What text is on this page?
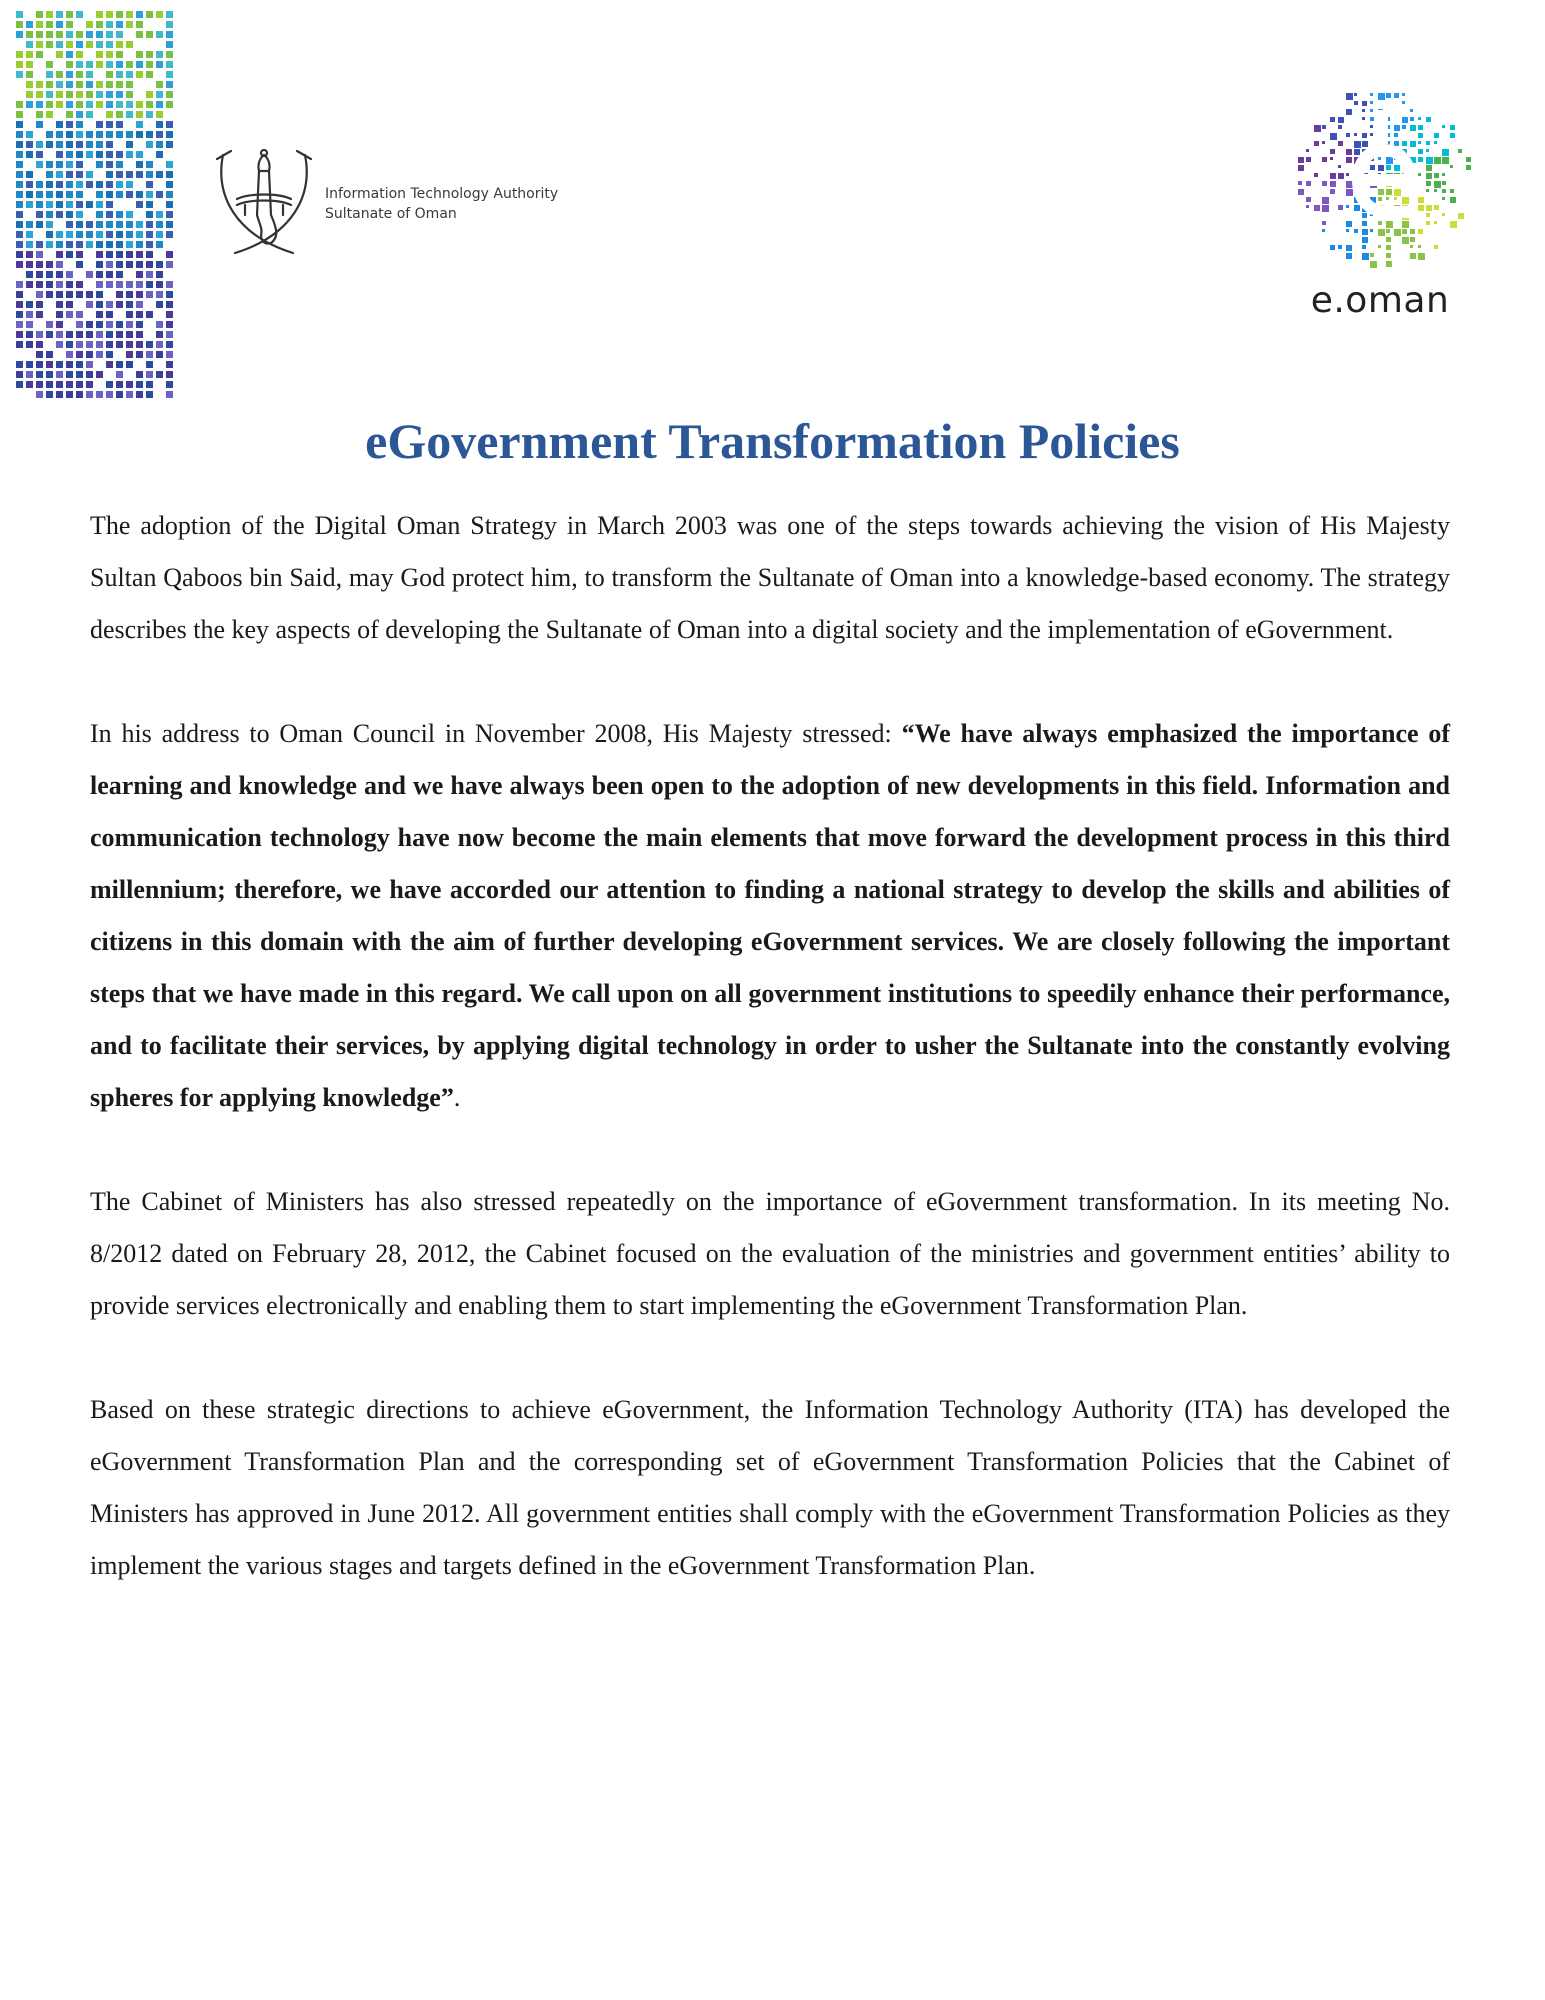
Information Technology Authority
Sultanate of Oman
e.oman
eGovernment Transformation Policies

The adoption of the Digital Oman Strategy in March 2003 was one of the steps towards achieving the vision of His Majesty Sultan Qaboos bin Said, may God protect him, to transform the Sultanate of Oman into a knowledge-based economy. The strategy describes the key aspects of developing the Sultanate of Oman into a digital society and the implementation of eGovernment.

In his address to Oman Council in November 2008, His Majesty stressed: “We have always emphasized the importance of learning and knowledge and we have always been open to the adoption of new developments in this field. Information and communication technology have now become the main elements that move forward the development process in this third millennium; therefore, we have accorded our attention to finding a national strategy to develop the skills and abilities of citizens in this domain with the aim of further developing eGovernment services. We are closely following the important steps that we have made in this regard. We call upon on all government institutions to speedily enhance their performance, and to facilitate their services, by applying digital technology in order to usher the Sultanate into the constantly evolving spheres for applying knowledge”.

The Cabinet of Ministers has also stressed repeatedly on the importance of eGovernment transformation. In its meeting No. 8/2012 dated on February 28, 2012, the Cabinet focused on the evaluation of the ministries and government entities’ ability to provide services electronically and enabling them to start implementing the eGovernment Transformation Plan.

Based on these strategic directions to achieve eGovernment, the Information Technology Authority (ITA) has developed the eGovernment Transformation Plan and the corresponding set of eGovernment Transformation Policies that the Cabinet of Ministers has approved in June 2012. All government entities shall comply with the eGovernment Transformation Policies as they implement the various stages and targets defined in the eGovernment Transformation Plan.
